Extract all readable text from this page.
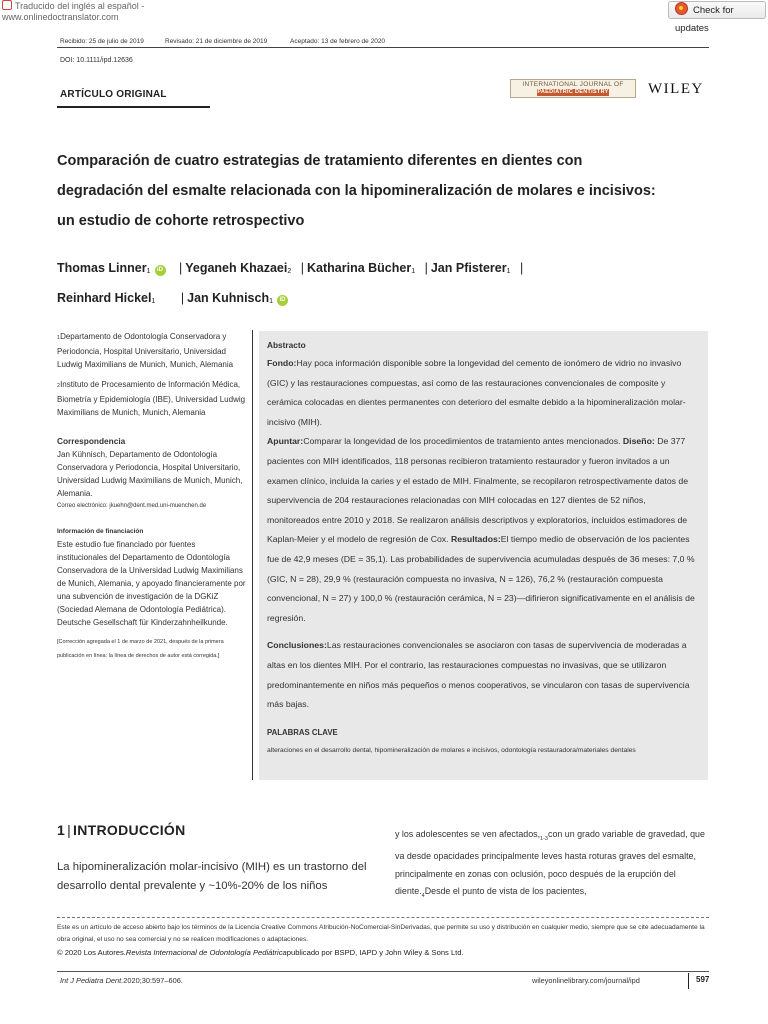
Traducido del inglés al español - www.onlinedoctranslator.com
Check for updates
Recibido: 25 de julio de 2019	Revisado: 21 de diciembre de 2019	Aceptado: 13 de febrero de 2020
DOI: 10.1111/ipd.12636
ARTÍCULO ORIGINAL
INTERNATIONAL JOURNAL OF
PAEDIATRIC DENTISTRY	WILEY
Comparación de cuatro estrategias de tratamiento diferentes en dientes con degradación del esmalte relacionada con la hipomineralización de molares e incisivos: un estudio de cohorte retrospectivo
Thomas Linner$_1$ iD | Yeganeh Khazaei$_2$ | Katharina Bücher$_1$ | Jan Pfisterer$_1$ |
Reinhard Hickel$_1$ | Jan Kuhnisch$_1$ iD
1Departamento de Odontología Conservadora y Periodoncia, Hospital Universitario, Universidad Ludwig Maximilians de Munich, Munich, Alemania
2Instituto de Procesamiento de Información Médica, Biometría y Epidemiología (IBE), Universidad Ludwig Maximilians de Munich, Munich, Alemania
Correspondencia
Jan Kühnisch, Departamento de Odontología Conservadora y Periodoncia, Hospital Universitario, Universidad Ludwig Maximilians de Munich, Munich, Alemania.
Correo electrónico: jkuehn@dent.med.uni-muenchen.de
Información de financiación
Este estudio fue financiado por fuentes institucionales del Departamento de Odontología Conservadora de la Universidad Ludwig Maximilians de Munich, Alemania, y apoyado financieramente por una subvención de investigación de la DGKiZ (Sociedad Alemana de Odontología Pediátrica). Deutsche Gesellschaft für Kinderzahnheilkunde.
[Corrección agregada el 1 de marzo de 2021, después de la primera publicación en línea: la línea de derechos de autor está corregida.]
Abstracto
Fondo:Hay poca información disponible sobre la longevidad del cemento de ionómero de vidrio no invasivo (GIC) y las restauraciones compuestas, así como de las restauraciones convencionales de composite y cerámica colocadas en dientes permanentes con deterioro del esmalte debido a la hipomineralización molar-incisivo (MIH).
Apuntar:Comparar la longevidad de los procedimientos de tratamiento antes mencionados. Diseño: De 377 pacientes con MIH identificados, 118 personas recibieron tratamiento restaurador y fueron invitados a un examen clínico, incluida la caries y el estado de MIH. Finalmente, se recopilaron retrospectivamente datos de supervivencia de 204 restauraciones relacionadas con MIH colocadas en 127 dientes de 52 niños, monitoreados entre 2010 y 2018. Se realizaron análisis descriptivos y exploratorios, incluidos estimadores de Kaplan-Meier y el modelo de regresión de Cox. Resultados:El tiempo medio de observación de los pacientes fue de 42,9 meses (DE = 35,1). Las probabilidades de supervivencia acumuladas después de 36 meses: 7,0 % (GIC, N = 28), 29,9 % (restauración compuesta no invasiva, N = 126), 76,2 % (restauración compuesta convencional, N = 27) y 100,0 % (restauración cerámica, N = 23)—difirieron significativamente en el análisis de regresión.
Conclusiones:Las restauraciones convencionales se asociaron con tasas de supervivencia de moderadas a altas en los dientes MIH. Por el contrario, las restauraciones compuestas no invasivas, que se utilizaron predominantemente en niños más pequeños o menos cooperativos, se vincularon con tasas de supervivencia más bajas.
PALABRAS CLAVE
alteraciones en el desarrollo dental, hipomineralización de molares e incisivos, odontología restauradora/materiales dentales
1 | INTRODUCCIÓN
La hipomineralización molar-incisivo (MIH) es un trastorno del desarrollo dental prevalente y ~10%-20% de los niños
y los adolescentes se ven $afectados,_{1-3}con$ un grado variable de gravedad, que va desde opacidades principalmente leves hasta roturas graves del esmalte, principalmente en zonas con oclusión, poco después de la erupción del $diente._4Desde$ el punto de vista de los pacientes,
Este es un artículo de acceso abierto bajo los términos de la Licencia Creative Commons Atribución-NoComercial-SinDerivadas, que permite su uso y distribución en cualquier medio, siempre que se cite adecuadamente la obra original, el uso no sea comercial y no se realicen modificaciones o adaptaciones.
© 2020 Los Autores.Revista Internacional de Odontología Pediátricapublicado por BSPD, IAPD y John Wiley & Sons Ltd.
Int J Pediatra Dent.2020;30:597–606.	wileyonlinelibrary.com/journal/ipd	597
